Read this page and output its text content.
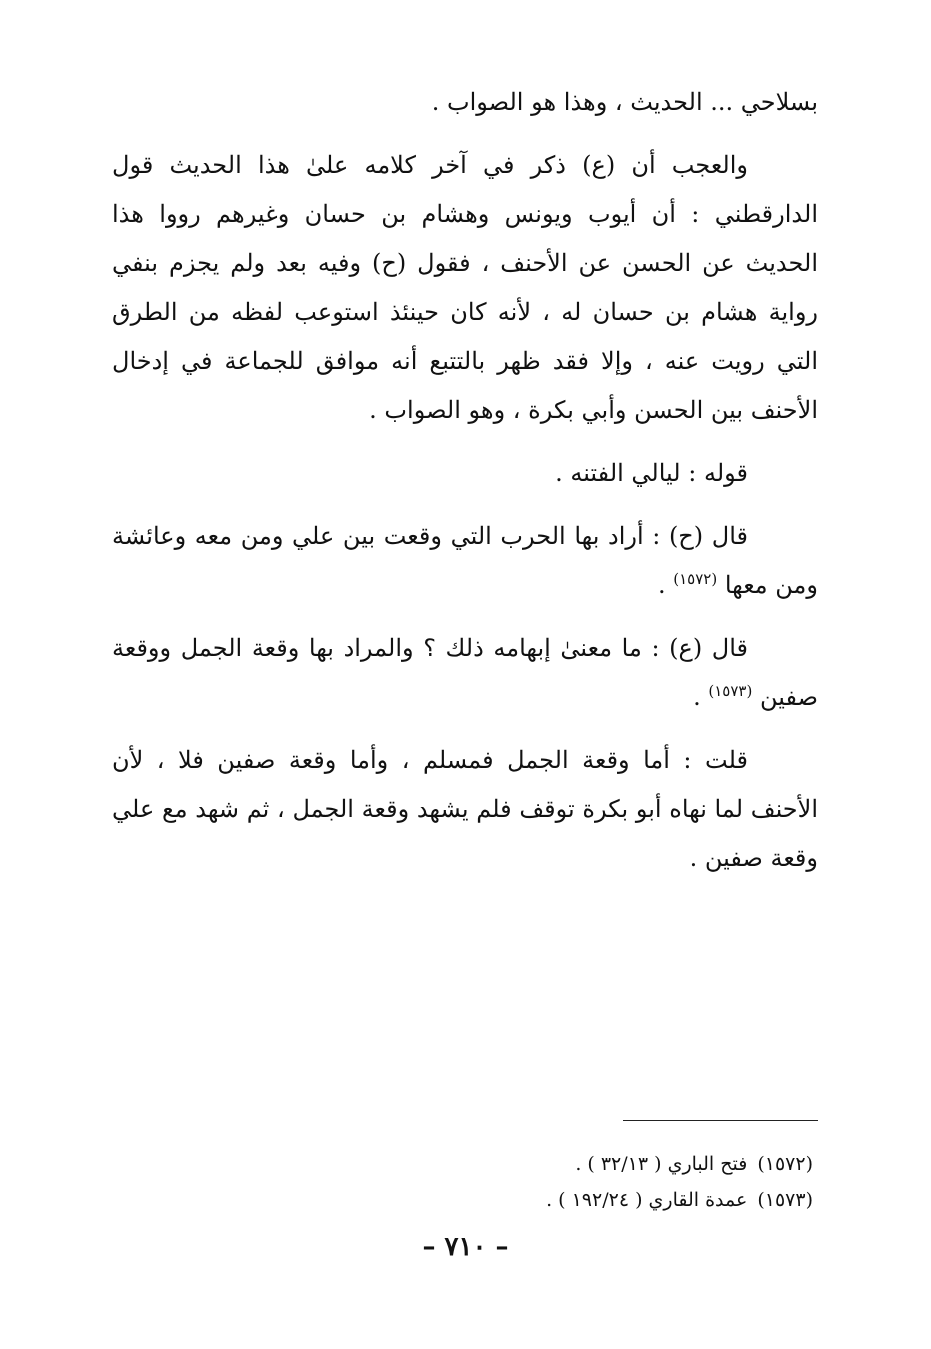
بسلاحي ... الحديث ، وهذا هو الصواب .

والعجب أن (ع) ذكر في آخر كلامه علىٰ هذا الحديث قول الدارقطني : أن أيوب ويونس وهشام بن حسان وغيرهم رووا هذا الحديث عن الحسن عن الأحنف ، فقول (ح) وفيه بعد ولم يجزم بنفي رواية هشام بن حسان له ، لأنه كان حينئذ استوعب لفظه من الطرق التي رويت عنه ، وإلا فقد ظهر بالتتبع أنه موافق للجماعة في إدخال الأحنف بين الحسن وأبي بكرة ، وهو الصواب .

قوله : ليالي الفتنه .

قال (ح) : أراد بها الحرب التي وقعت بين علي ومن معه وعائشة ومن معها $^{(١٥٧٢)}$ .

قال (ع) : ما معنىٰ إبهامه ذلك ؟ والمراد بها وقعة الجمل ووقعة صفين $^{(١٥٧٣)}$ .

قلت : أما وقعة الجمل فمسلم ، وأما وقعة صفين فلا ، لأن الأحنف لما نهاه أبو بكرة توقف فلم يشهد وقعة الجمل ، ثم شهد مع علي وقعة صفين .

(١٥٧٢)فتح الباري ( ٣٢/١٣ ) .

(١٥٧٣)عمدة القاري ( ١٩٢/٢٤ ) .

– ٧١٠ –
